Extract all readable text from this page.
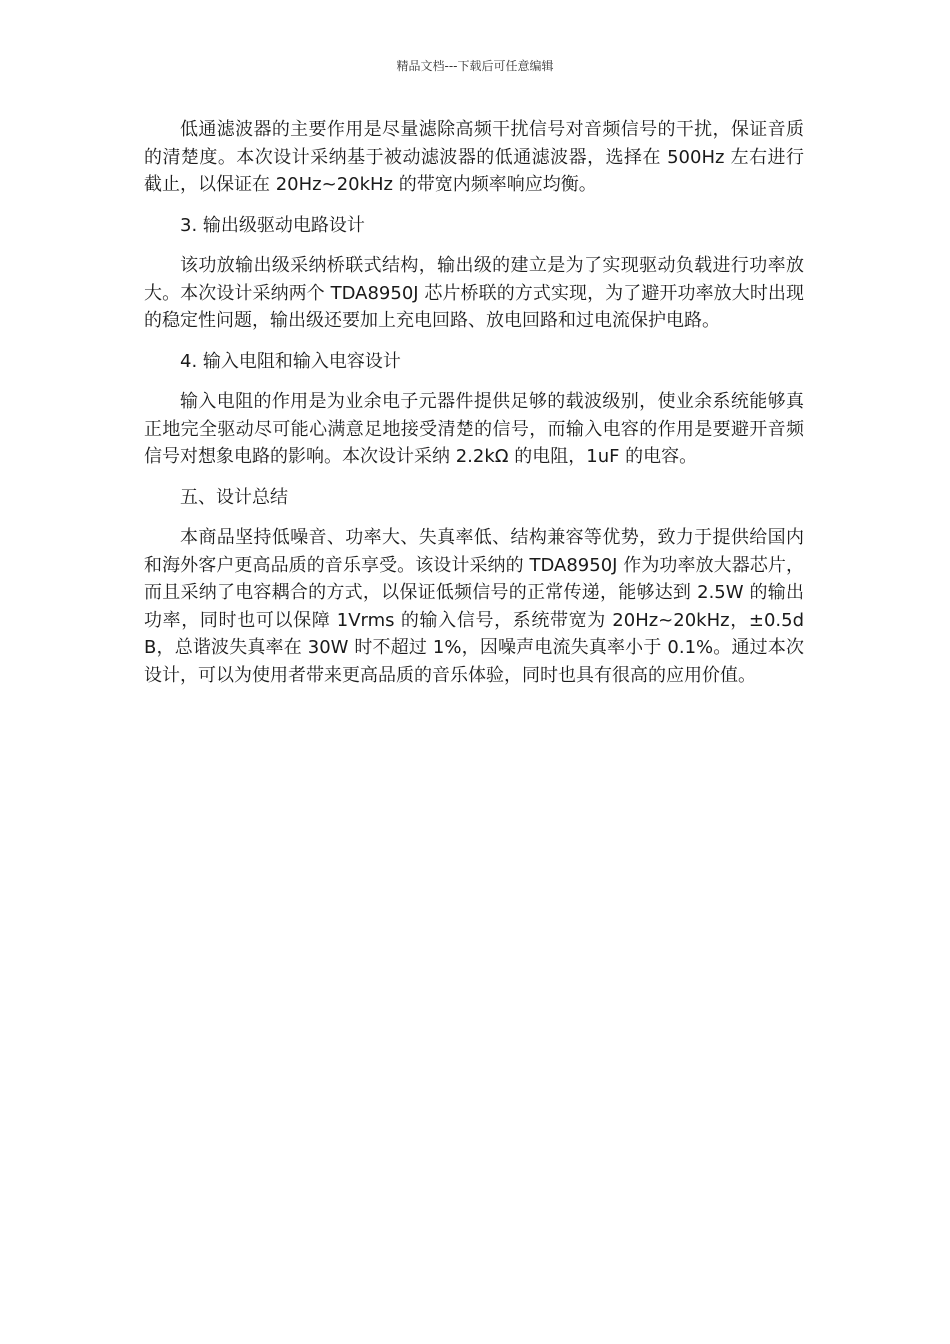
精品文档---下载后可任意编辑

低通滤波器的主要作用是尽量滤除高频干扰信号对音频信号的干扰，保证音质的清楚度。本次设计采纳基于被动滤波器的低通滤波器，选择在 500Hz 左右进行截止，以保证在 20Hz~20kHz 的带宽内频率响应均衡。

3. 输出级驱动电路设计

该功放输出级采纳桥联式结构，输出级的建立是为了实现驱动负载进行功率放大。本次设计采纳两个 TDA8950J 芯片桥联的方式实现，为了避开功率放大时出现的稳定性问题，输出级还要加上充电回路、放电回路和过电流保护电路。

4. 输入电阻和输入电容设计

输入电阻的作用是为业余电子元器件提供足够的载波级别，使业余系统能够真正地完全驱动尽可能心满意足地接受清楚的信号，而输入电容的作用是要避开音频信号对想象电路的影响。本次设计采纳 2.2kΩ 的电阻，1uF 的电容。

五、设计总结

本商品坚持低噪音、功率大、失真率低、结构兼容等优势，致力于提供给国内和海外客户更高品质的音乐享受。该设计采纳的 TDA8950J 作为功率放大器芯片，而且采纳了电容耦合的方式，以保证低频信号的正常传递，能够达到 2.5W 的输出功率，同时也可以保障 1Vrms 的输入信号，系统带宽为 20Hz~20kHz，±0.5dB，总谐波失真率在 30W 时不超过 1%，因噪声电流失真率小于 0.1%。通过本次设计，可以为使用者带来更高品质的音乐体验，同时也具有很高的应用价值。
